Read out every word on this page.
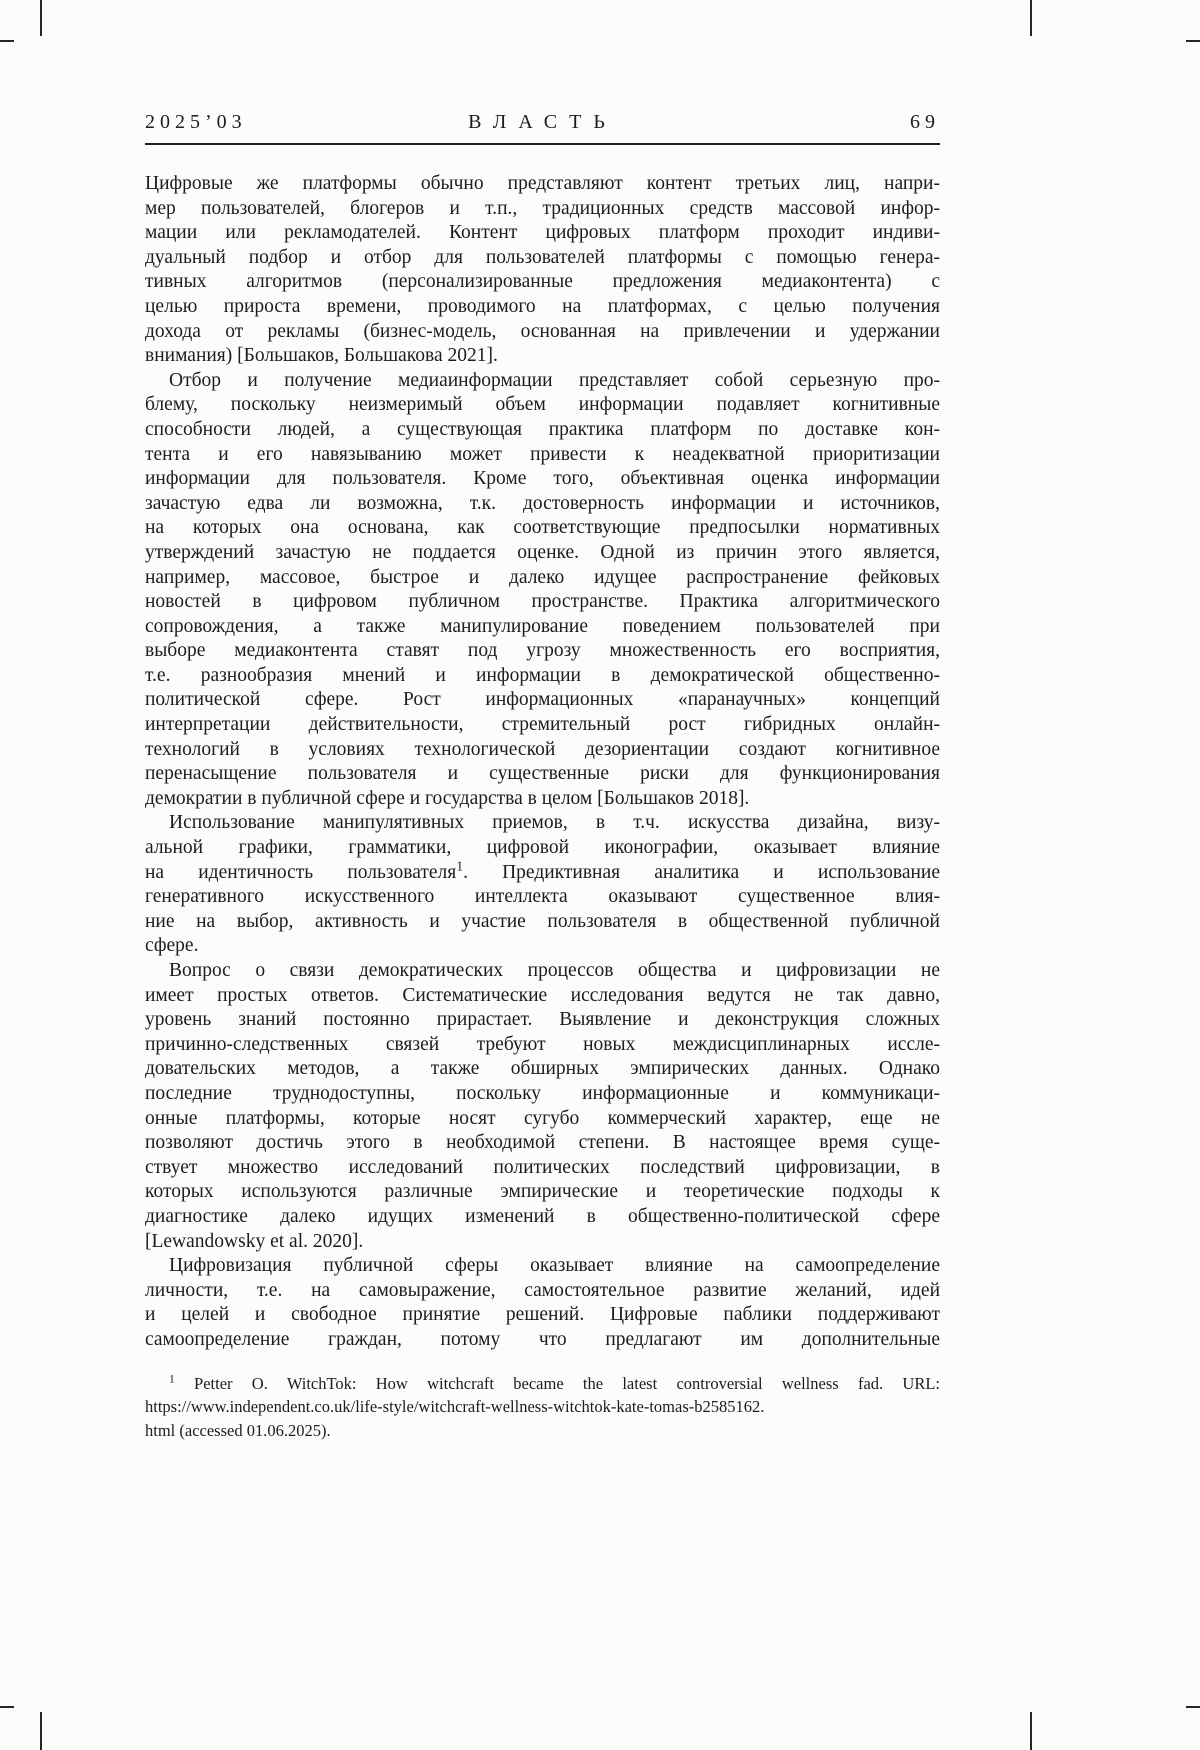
2025’03	ВЛАСТЬ	69
Цифровые же платформы обычно представляют контент третьих лиц, напри-
мер пользователей, блогеров и т.п., традиционных средств массовой инфор-
мации или рекламодателей. Контент цифровых платформ проходит индиви-
дуальный подбор и отбор для пользователей платформы с помощью генера-
тивных алгоритмов (персонализированные предложения медиаконтента) с
целью прироста времени, проводимого на платформах, с целью получения
дохода от рекламы (бизнес-модель, основанная на привлечении и удержании
внимания) [Большаков, Большакова 2021].
Отбор и получение медиаинформации представляет собой серьезную про-
блему, поскольку неизмеримый объем информации подавляет когнитивные
способности людей, а существующая практика платформ по доставке кон-
тента и его навязыванию может привести к неадекватной приоритизации
информации для пользователя. Кроме того, объективная оценка информации
зачастую едва ли возможна, т.к. достоверность информации и источников,
на которых она основана, как соответствующие предпосылки нормативных
утверждений зачастую не поддается оценке. Одной из причин этого является,
например, массовое, быстрое и далеко идущее распространение фейковых
новостей в цифровом публичном пространстве. Практика алгоритмического
сопровождения, а также манипулирование поведением пользователей при
выборе медиаконтента ставят под угрозу множественность его восприятия,
т.е. разнообразия мнений и информации в демократической общественно-
политической сфере. Рост информационных «паранаучных» концепций
интерпретации действительности, стремительный рост гибридных онлайн-
технологий в условиях технологической дезориентации создают когнитивное
перенасыщение пользователя и существенные риски для функционирования
демократии в публичной сфере и государства в целом [Большаков 2018].
Использование манипулятивных приемов, в т.ч. искусства дизайна, визу-
альной графики, грамматики, цифровой иконографии, оказывает влияние
на идентичность пользователя$^1$. Предиктивная аналитика и использование
генеративного искусственного интеллекта оказывают существенное влия-
ние на выбор, активность и участие пользователя в общественной публичной
сфере.
Вопрос о связи демократических процессов общества и цифровизации не
имеет простых ответов. Систематические исследования ведутся не так давно,
уровень знаний постоянно прирастает. Выявление и деконструкция сложных
причинно-следственных связей требуют новых междисциплинарных иссле-
довательских методов, а также обширных эмпирических данных. Однако
последние труднодоступны, поскольку информационные и коммуникаци-
онные платформы, которые носят сугубо коммерческий характер, еще не
позволяют достичь этого в необходимой степени. В настоящее время суще-
ствует множество исследований политических последствий цифровизации, в
которых используются различные эмпирические и теоретические подходы к
диагностике далеко идущих изменений в общественно-политической сфере
[Lewandowsky et al. 2020].
Цифровизация публичной сферы оказывает влияние на самоопределение
личности, т.е. на самовыражение, самостоятельное развитие желаний, идей
и целей и свободное принятие решений. Цифровые паблики поддерживают
самоопределение граждан, потому что предлагают им дополнительные
$^1$ Petter O. WitchTok: How witchcraft became the latest controversial wellness fad. URL:
https://www.independent.co.uk/life-style/witchcraft-wellness-witchtok-kate-tomas-b2585162.
html (accessed 01.06.2025).
